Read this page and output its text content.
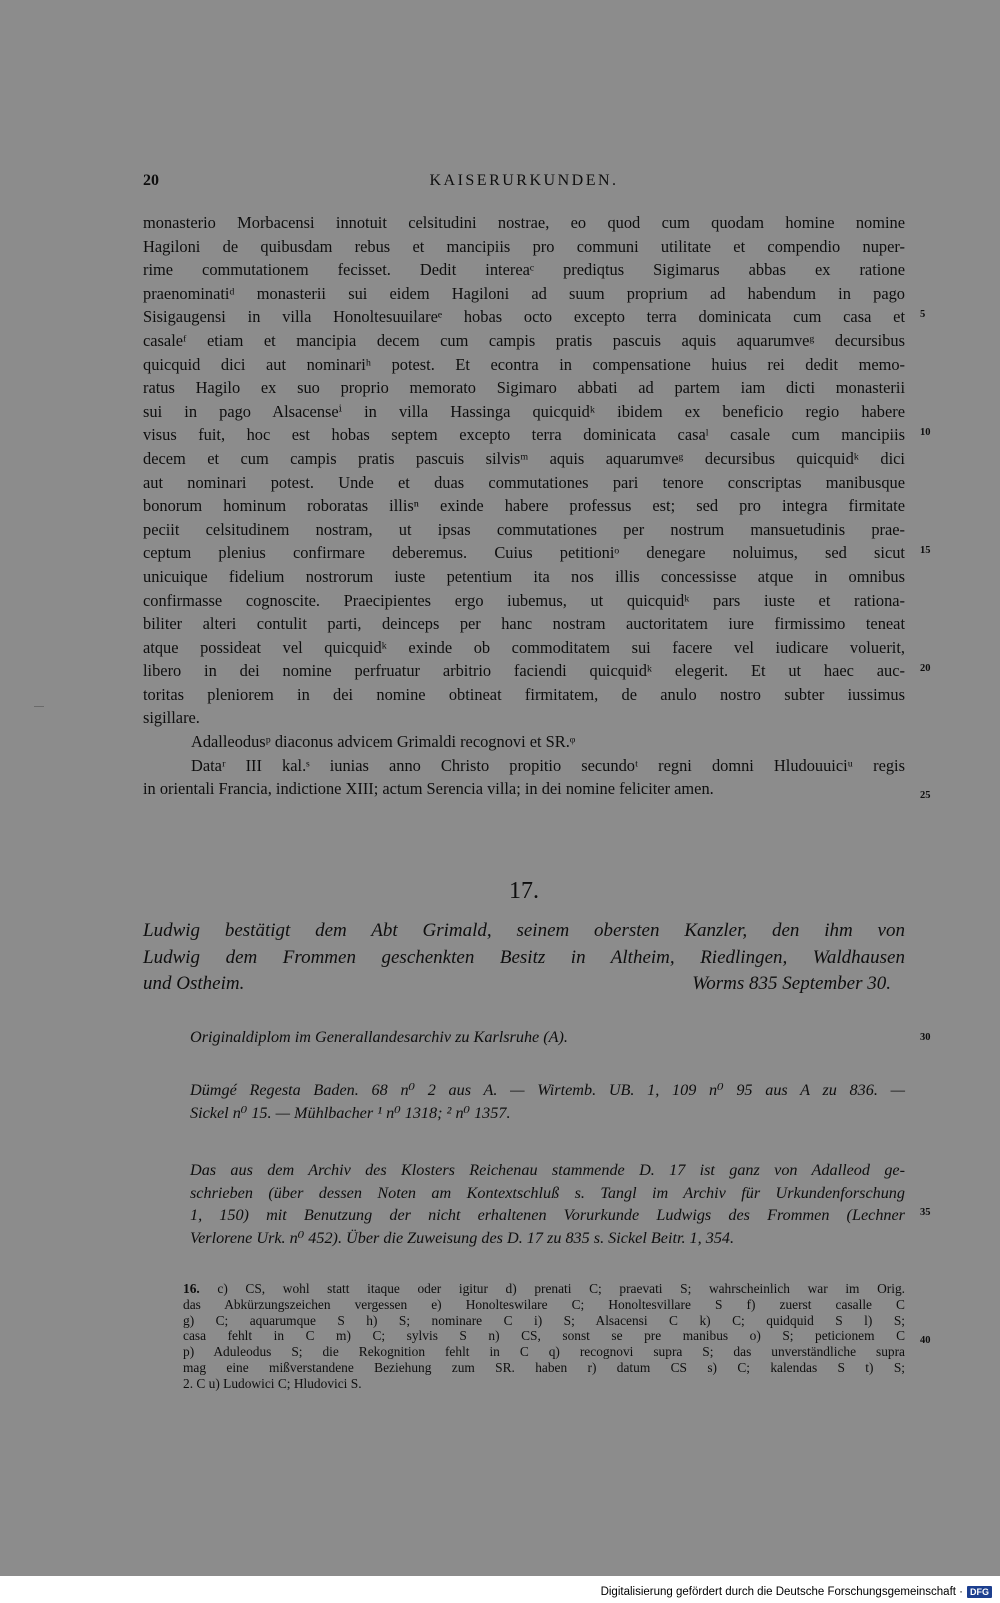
20	KAISERURKUNDEN.
monasterio Morbacensi innotuit celsitudini nostrae, eo quod cum quodam homine nomine
Hagiloni de quibusdam rebus et mancipiis pro communi utilitate et compendio nuper-
rime commutationem fecisset. Dedit intereaᶜ prediqtus Sigimarus abbas ex ratione
praenominatiᵈ monasterii sui eidem Hagiloni ad suum proprium ad habendum in pago
Sisigaugensi in villa Honoltesuuilareᵉ hobas octo excepto terra dominicata cum casa et
casaleᶠ etiam et mancipia decem cum campis pratis pascuis aquis aquarumveᵍ decursibus
quicquid dici aut nominariʰ potest. Et econtra in compensatione huius rei dedit memo-
ratus Hagilo ex suo proprio memorato Sigimaro abbati ad partem iam dicti monasterii
sui in pago Alsacenseⁱ in villa Hassinga quicquidᵏ ibidem ex beneficio regio habere
visus fuit, hoc est hobas septem excepto terra dominicata casaˡ casale cum mancipiis
decem et cum campis pratis pascuis silvisᵐ aquis aquarumveᵍ decursibus quicquidᵏ dici
aut nominari potest. Unde et duas commutationes pari tenore conscriptas manibusque
bonorum hominum roboratas illisⁿ exinde habere professus est; sed pro integra firmitate
peciit celsitudinem nostram, ut ipsas commutationes per nostrum mansuetudinis prae-
ceptum plenius confirmare deberemus. Cuius petitioniᵒ denegare noluimus, sed sicut
unicuique fidelium nostrorum iuste petentium ita nos illis concessisse atque in omnibus
confirmasse cognoscite. Praecipientes ergo iubemus, ut quicquidᵏ pars iuste et rationa-
biliter alteri contulit parti, deinceps per hanc nostram auctoritatem iure firmissimo teneat
atque possideat vel quicquidᵏ exinde ob commoditatem sui facere vel iudicare voluerit,
libero in dei nomine perfruatur arbitrio faciendi quicquidᵏ elegerit. Et ut haec auc-
toritas pleniorem in dei nomine obtineat firmitatem, de anulo nostro subter iussimus
sigillare.
Adalleodusᵖ diaconus advicem Grimaldi recognovi et SR.ᵠ
Dataʳ III kal.ˢ iunias anno Christo propitio secundoᵗ regni domni Hludouuiciᵘ regis
in orientali Francia, indictione XIII; actum Serencia villa; in dei nomine feliciter amen.
5
10
15
20
25
30
35
40
17.
Ludwig bestätigt dem Abt Grimald, seinem obersten Kanzler, den ihm von
Ludwig dem Frommen geschenkten Besitz in Altheim, Riedlingen, Waldhausen
und Ostheim.	Worms 835 September 30.
Originaldiplom im Generallandesarchiv zu Karlsruhe (A).
Dümgé Regesta Baden. 68 n⁰ 2 aus A. — Wirtemb. UB. 1, 109 n⁰ 95 aus A zu 836. —
Sickel n⁰ 15. — Mühlbacher ¹ n⁰ 1318; ² n⁰ 1357.
Das aus dem Archiv des Klosters Reichenau stammende D. 17 ist ganz von Adalleod ge-
schrieben (über dessen Noten am Kontextschluß s. Tangl im Archiv für Urkundenforschung
1, 150) mit Benutzung der nicht erhaltenen Vorurkunde Ludwigs des Frommen (Lechner
Verlorene Urk. n⁰ 452). Über die Zuweisung des D. 17 zu 835 s. Sickel Beitr. 1, 354.
16. c) CS, wohl statt itaque oder igitur d) prenati C; praevati S; wahrscheinlich war im Orig.
das Abkürzungszeichen vergessen e) Honolteswilare C; Honoltesvillare S f) zuerst casalle C
g) C; aquarumque S h) S; nominare C i) S; Alsacensi C k) C; quidquid S l) S;
casa fehlt in C m) C; sylvis S n) CS, sonst se pre manibus o) S; peticionem C
p) Aduleodus S; die Rekognition fehlt in C q) recognovi supra S; das unverständliche supra
mag eine mißverstandene Beziehung zum SR. haben r) datum CS s) C; kalendas S t) S;
2. C u) Ludowici C; Hludovici S.
Digitalisierung gefördert durch die Deutsche Forschungsgemeinschaft · DFG
